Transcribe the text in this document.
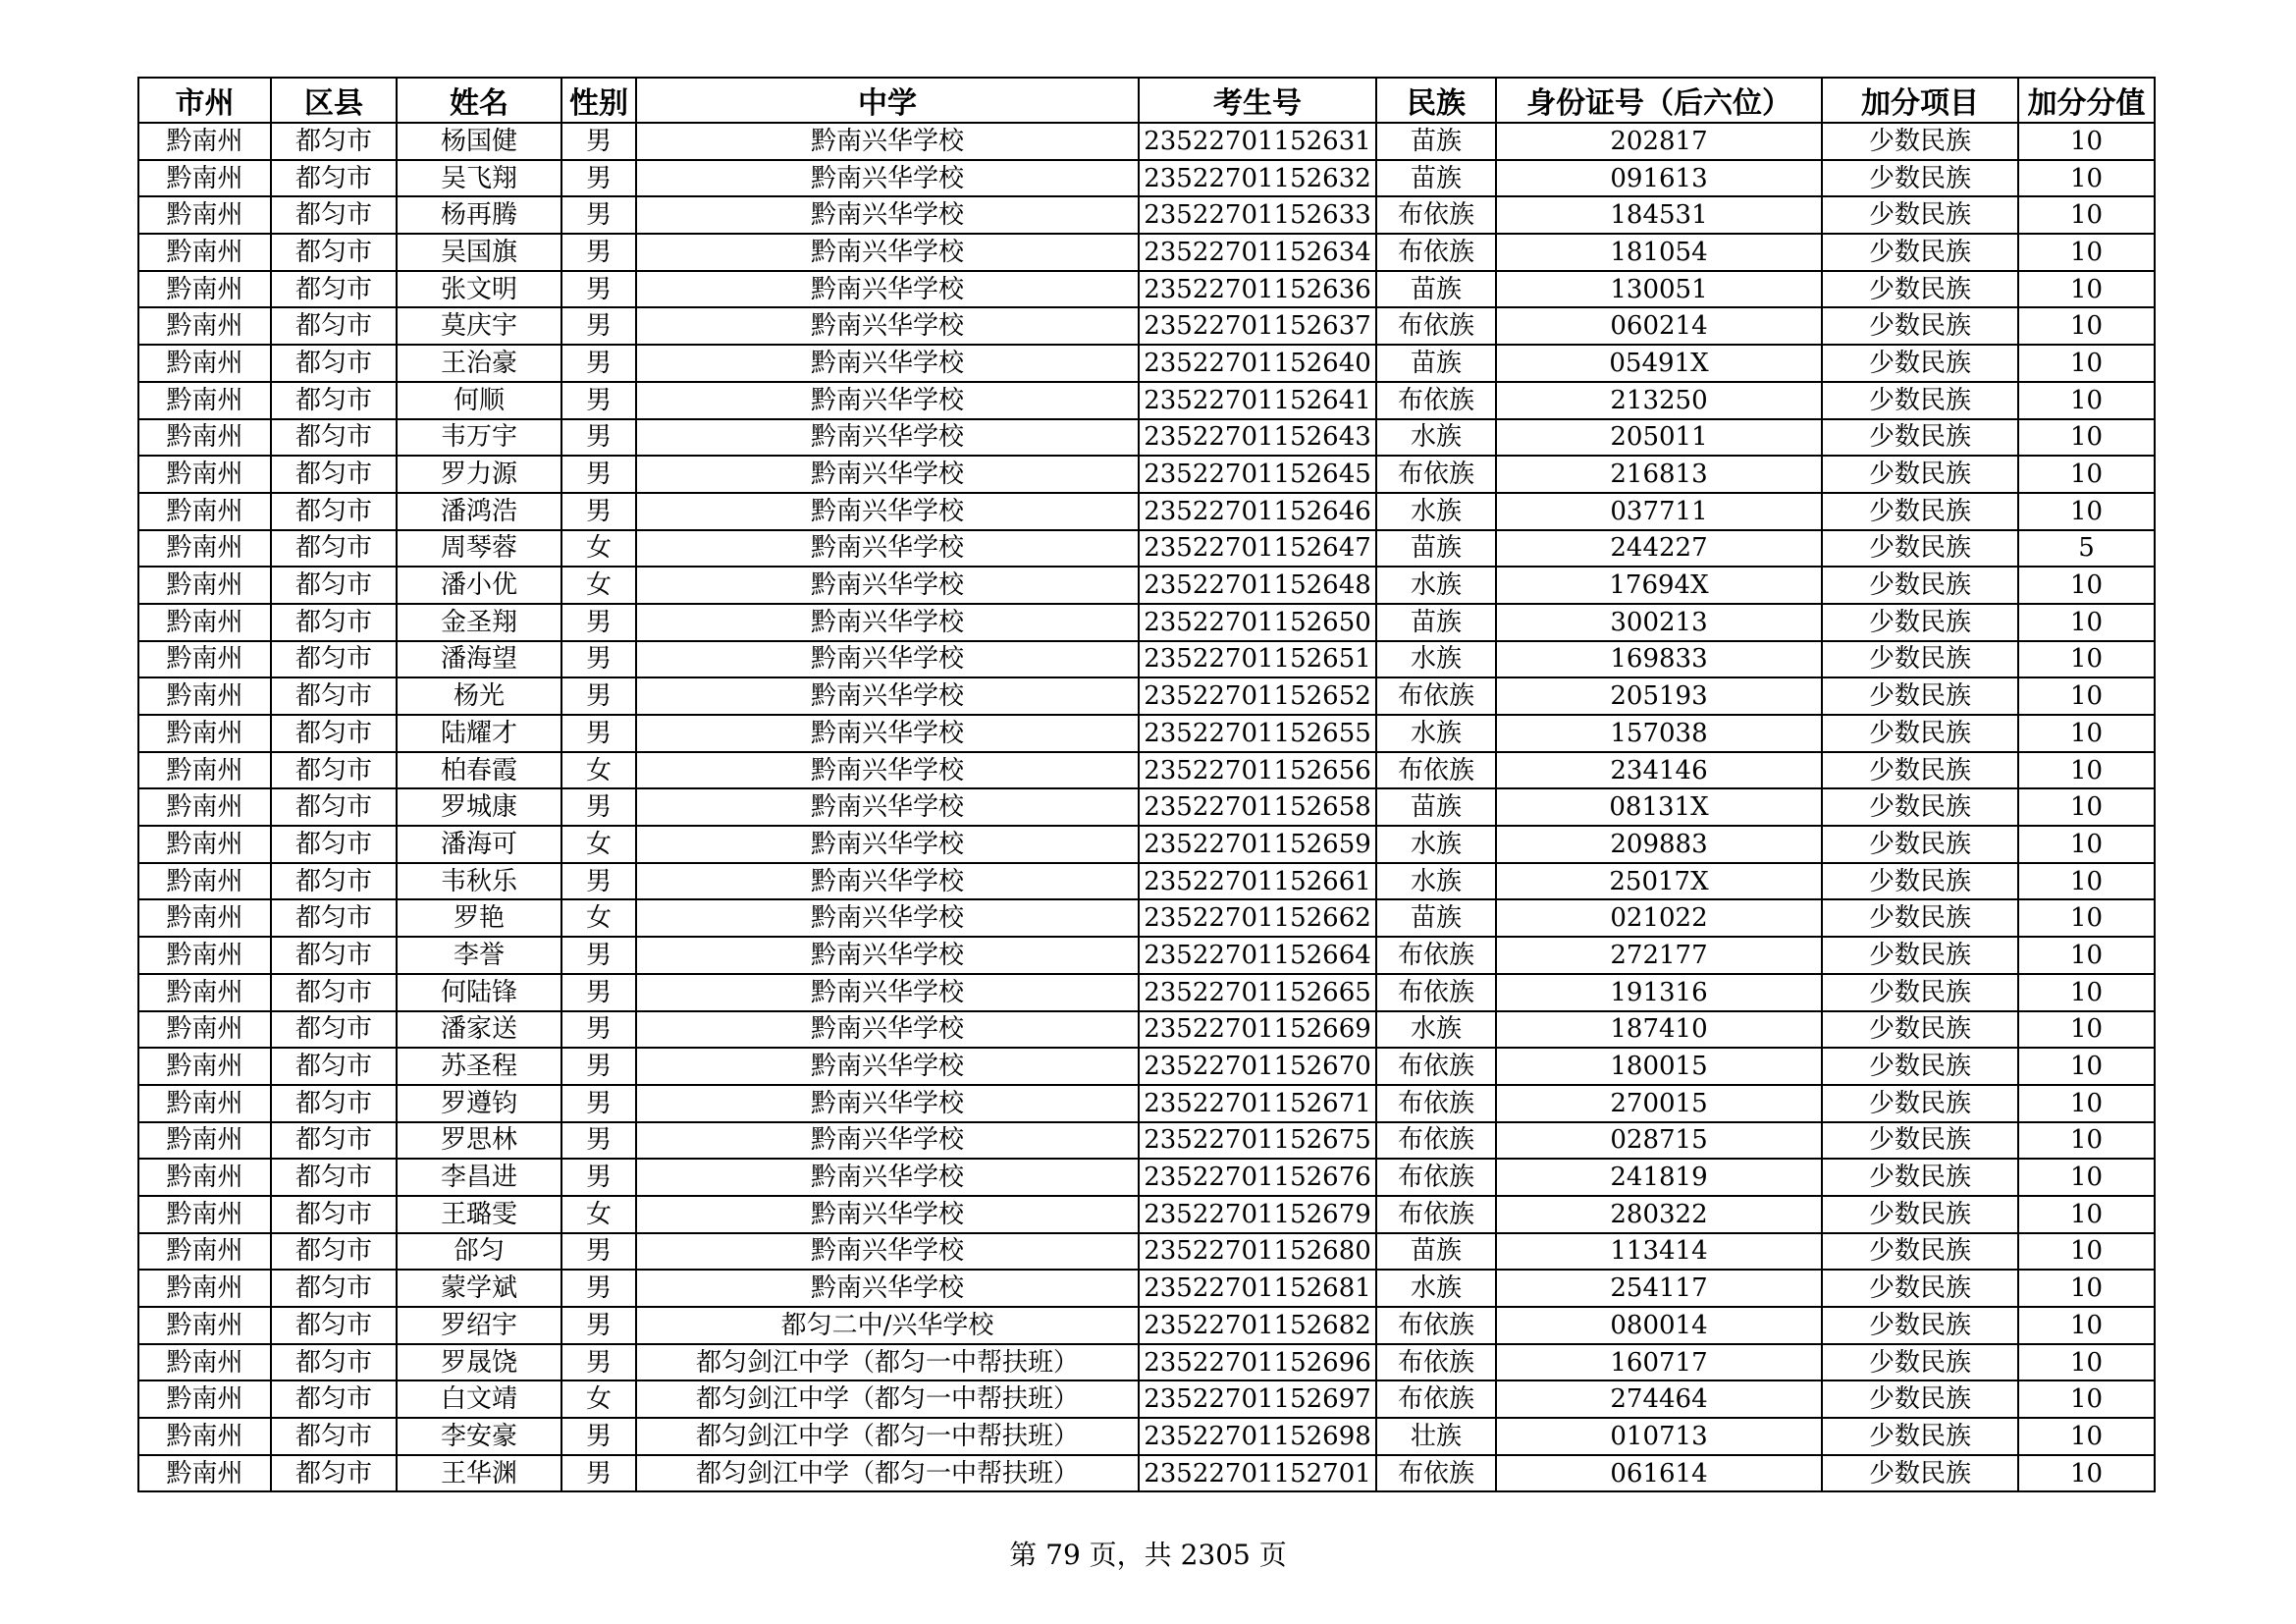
市州	区县	姓名	性别	中学	考生号	民族	身份证号（后六位）	加分项目	加分分值
黔南州	都匀市	杨国健	男	黔南兴华学校	23522701152631	苗族	202817	少数民族	10
黔南州	都匀市	吴飞翔	男	黔南兴华学校	23522701152632	苗族	091613	少数民族	10
黔南州	都匀市	杨再腾	男	黔南兴华学校	23522701152633	布依族	184531	少数民族	10
黔南州	都匀市	吴国旗	男	黔南兴华学校	23522701152634	布依族	181054	少数民族	10
黔南州	都匀市	张文明	男	黔南兴华学校	23522701152636	苗族	130051	少数民族	10
黔南州	都匀市	莫庆宇	男	黔南兴华学校	23522701152637	布依族	060214	少数民族	10
黔南州	都匀市	王治豪	男	黔南兴华学校	23522701152640	苗族	05491X	少数民族	10
黔南州	都匀市	何顺	男	黔南兴华学校	23522701152641	布依族	213250	少数民族	10
黔南州	都匀市	韦万宇	男	黔南兴华学校	23522701152643	水族	205011	少数民族	10
黔南州	都匀市	罗力源	男	黔南兴华学校	23522701152645	布依族	216813	少数民族	10
黔南州	都匀市	潘鸿浩	男	黔南兴华学校	23522701152646	水族	037711	少数民族	10
黔南州	都匀市	周琴蓉	女	黔南兴华学校	23522701152647	苗族	244227	少数民族	5
黔南州	都匀市	潘小优	女	黔南兴华学校	23522701152648	水族	17694X	少数民族	10
黔南州	都匀市	金圣翔	男	黔南兴华学校	23522701152650	苗族	300213	少数民族	10
黔南州	都匀市	潘海望	男	黔南兴华学校	23522701152651	水族	169833	少数民族	10
黔南州	都匀市	杨光	男	黔南兴华学校	23522701152652	布依族	205193	少数民族	10
黔南州	都匀市	陆耀才	男	黔南兴华学校	23522701152655	水族	157038	少数民族	10
黔南州	都匀市	柏春霞	女	黔南兴华学校	23522701152656	布依族	234146	少数民族	10
黔南州	都匀市	罗城康	男	黔南兴华学校	23522701152658	苗族	08131X	少数民族	10
黔南州	都匀市	潘海可	女	黔南兴华学校	23522701152659	水族	209883	少数民族	10
黔南州	都匀市	韦秋乐	男	黔南兴华学校	23522701152661	水族	25017X	少数民族	10
黔南州	都匀市	罗艳	女	黔南兴华学校	23522701152662	苗族	021022	少数民族	10
黔南州	都匀市	李誉	男	黔南兴华学校	23522701152664	布依族	272177	少数民族	10
黔南州	都匀市	何陆锋	男	黔南兴华学校	23522701152665	布依族	191316	少数民族	10
黔南州	都匀市	潘家送	男	黔南兴华学校	23522701152669	水族	187410	少数民族	10
黔南州	都匀市	苏圣程	男	黔南兴华学校	23522701152670	布依族	180015	少数民族	10
黔南州	都匀市	罗遵钧	男	黔南兴华学校	23522701152671	布依族	270015	少数民族	10
黔南州	都匀市	罗思林	男	黔南兴华学校	23522701152675	布依族	028715	少数民族	10
黔南州	都匀市	李昌进	男	黔南兴华学校	23522701152676	布依族	241819	少数民族	10
黔南州	都匀市	王璐雯	女	黔南兴华学校	23522701152679	布依族	280322	少数民族	10
黔南州	都匀市	郃匀	男	黔南兴华学校	23522701152680	苗族	113414	少数民族	10
黔南州	都匀市	蒙学斌	男	黔南兴华学校	23522701152681	水族	254117	少数民族	10
黔南州	都匀市	罗绍宇	男	都匀二中/兴华学校	23522701152682	布依族	080014	少数民族	10
黔南州	都匀市	罗晟饶	男	都匀剑江中学（都匀一中帮扶班）	23522701152696	布依族	160717	少数民族	10
黔南州	都匀市	白文靖	女	都匀剑江中学（都匀一中帮扶班）	23522701152697	布依族	274464	少数民族	10
黔南州	都匀市	李安豪	男	都匀剑江中学（都匀一中帮扶班）	23522701152698	壮族	010713	少数民族	10
黔南州	都匀市	王华渊	男	都匀剑江中学（都匀一中帮扶班）	23522701152701	布依族	061614	少数民族	10
第 79 页，共 2305 页
